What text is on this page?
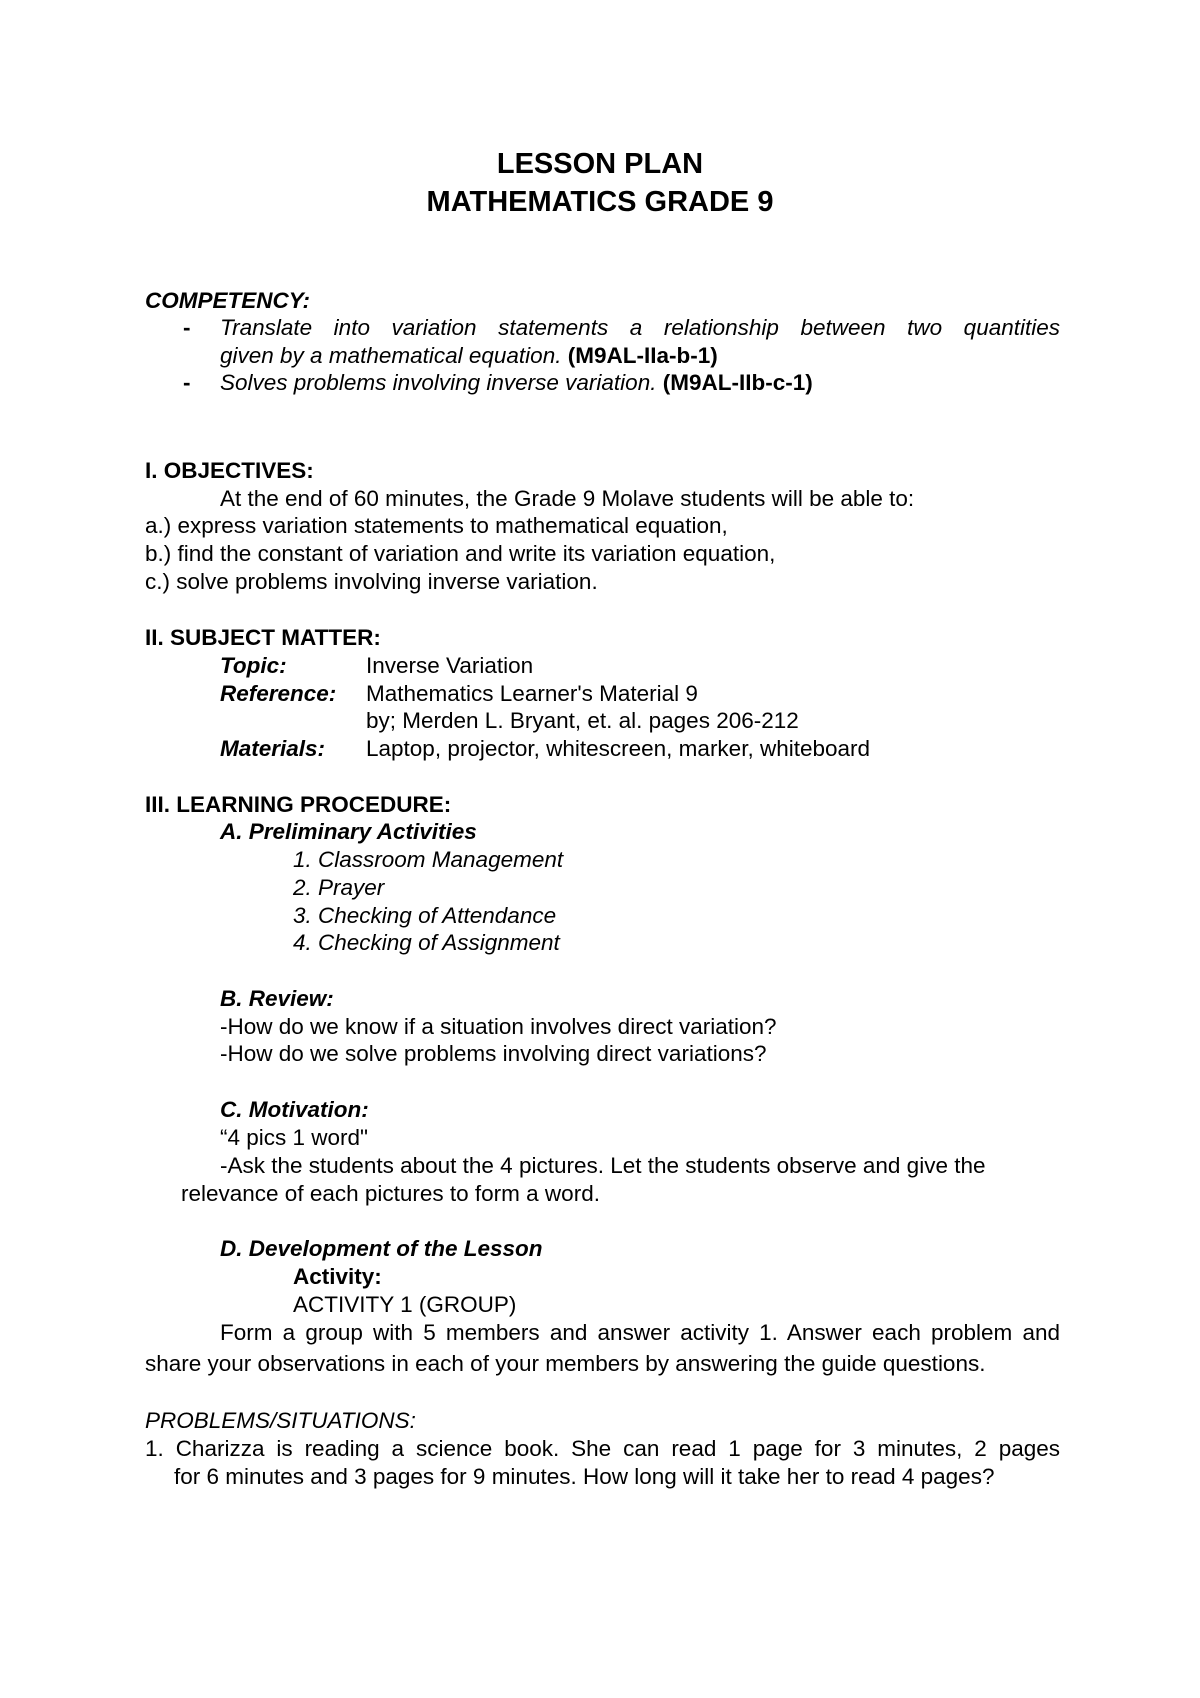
LESSON PLAN
MATHEMATICS GRADE 9
COMPETENCY:
- Translate into variation statements a relationship between two quantities
given by a mathematical equation. (M9AL-IIa-b-1)
- Solves problems involving inverse variation. (M9AL-IIb-c-1)
I. OBJECTIVES:
At the end of 60 minutes, the Grade 9 Molave students will be able to:
a.) express variation statements to mathematical equation,
b.) find the constant of variation and write its variation equation,
c.) solve problems involving inverse variation.
II. SUBJECT MATTER:
Topic:	Inverse Variation
Reference: Mathematics Learner's Material 9
by; Merden L. Bryant, et. al. pages 206-212
Materials: Laptop, projector, whitescreen, marker, whiteboard
III. LEARNING PROCEDURE:
A. Preliminary Activities
1. Classroom Management
2. Prayer
3. Checking of Attendance
4. Checking of Assignment
B. Review:
-How do we know if a situation involves direct variation?
-How do we solve problems involving direct variations?
C. Motivation:
“4 pics 1 word"
-Ask the students about the 4 pictures. Let the students observe and give the
relevance of each pictures to form a word.
D. Development of the Lesson
Activity:
ACTIVITY 1 (GROUP)
Form a group with 5 members and answer activity 1. Answer each problem and
share your observations in each of your members by answering the guide questions.
PROBLEMS/SITUATIONS:
1. Charizza is reading a science book. She can read 1 page for 3 minutes, 2 pages
for 6 minutes and 3 pages for 9 minutes. How long will it take her to read 4 pages?
